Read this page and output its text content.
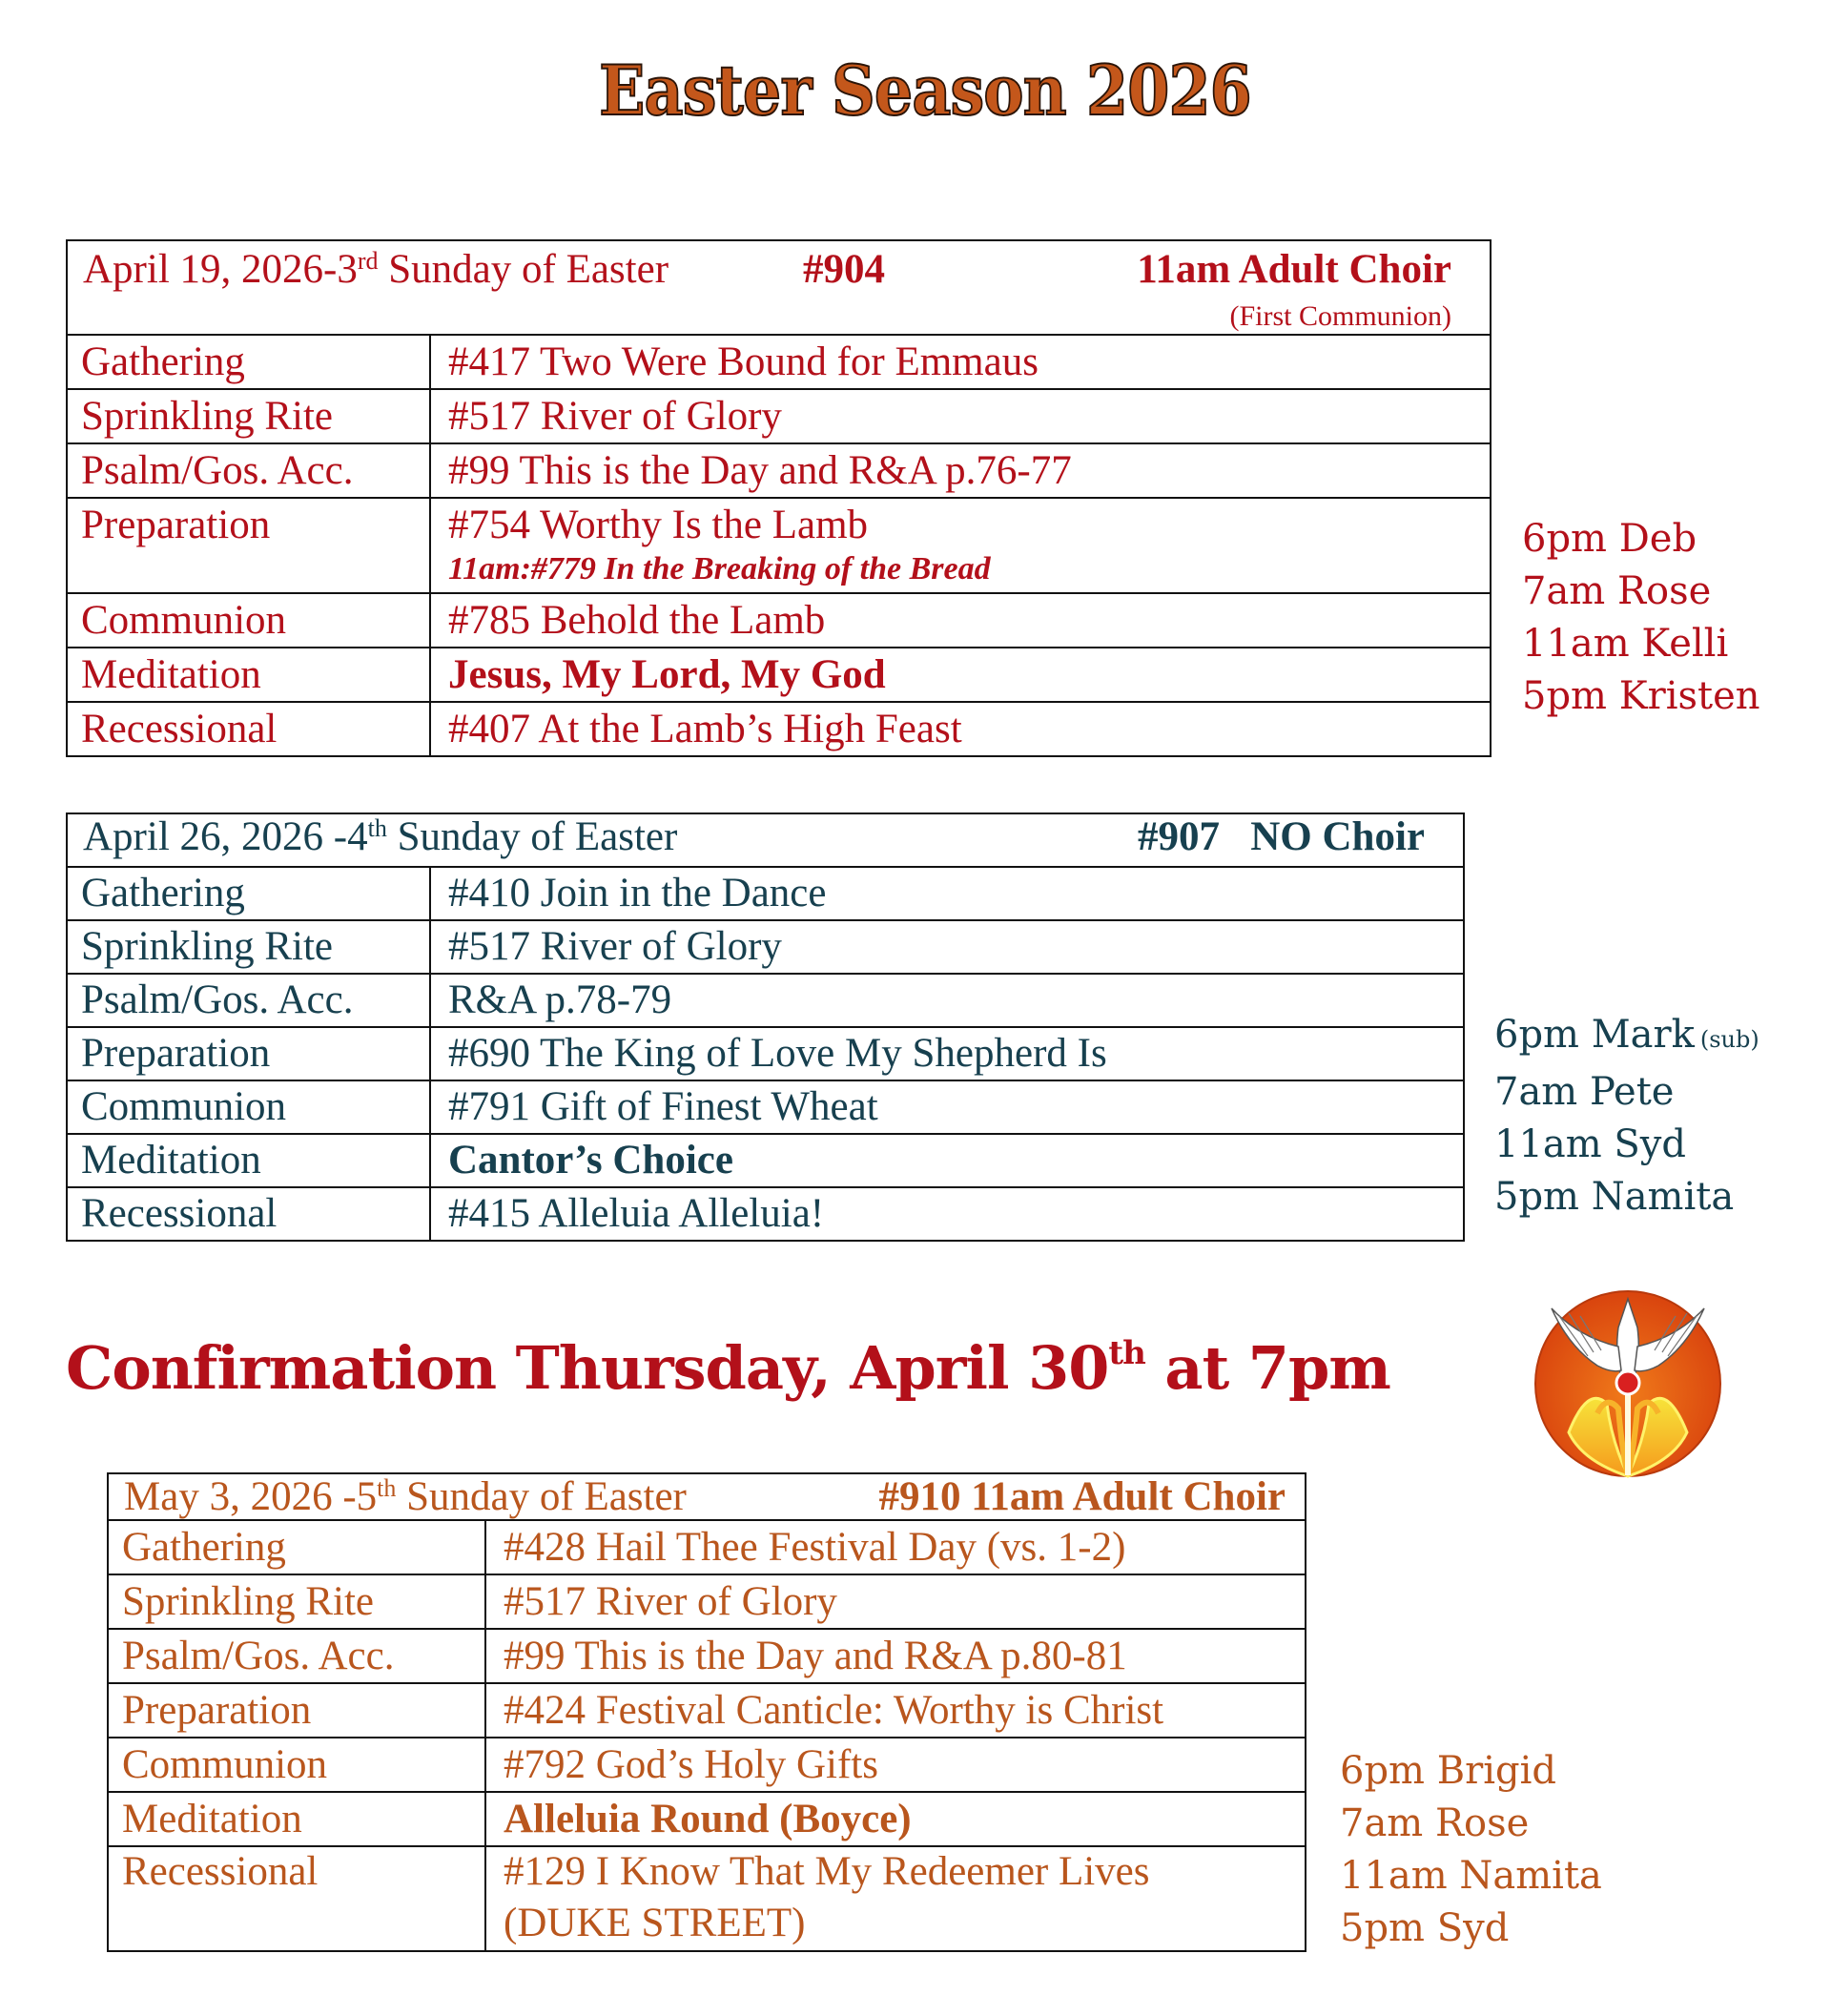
Easter Season 2026
April 19, 2026-3rd Sunday of Easter #904 11am Adult Choir
(First Communion)	

Gathering	#417 Two Were Bound for Emmaus
Sprinkling Rite	#517 River of Glory
Psalm/Gos. Acc.	#99 This is the Day and R&A p.76-77
Preparation	#754 Worthy Is the Lamb
11am:#779 In the Breaking of the Bread

Communion	#785 Behold the Lamb
Meditation	Jesus, My Lord, My God
Recessional	#407 At the Lamb’s High Feast
6pm Deb
7am Rose
11am Kelli
5pm Kristen
April 26, 2026 -4th Sunday of Easter #907   NO Choir	

Gathering	#410 Join in the Dance
Sprinkling Rite	#517 River of Glory
Psalm/Gos. Acc.	R&A p.78-79
Preparation	#690 The King of Love My Shepherd Is
Communion	#791 Gift of Finest Wheat
Meditation	Cantor’s Choice
Recessional	#415 Alleluia Alleluia!
6pm Mark (sub)
7am Pete
11am Syd
5pm Namita
Confirmation Thursday, April 30th at 7pm
May 3, 2026 -5th Sunday of Easter #910 11am Adult Choir	

Gathering	#428 Hail Thee Festival Day (vs. 1-2)
Sprinkling Rite	#517 River of Glory
Psalm/Gos. Acc.	#99 This is the Day and R&A p.80-81
Preparation	#424 Festival Canticle: Worthy is Christ
Communion	#792 God’s Holy Gifts
Meditation	Alleluia Round (Boyce)
Recessional	#129 I Know That My Redeemer Lives
(DUKE STREET)
6pm Brigid
7am Rose
11am Namita
5pm Syd
